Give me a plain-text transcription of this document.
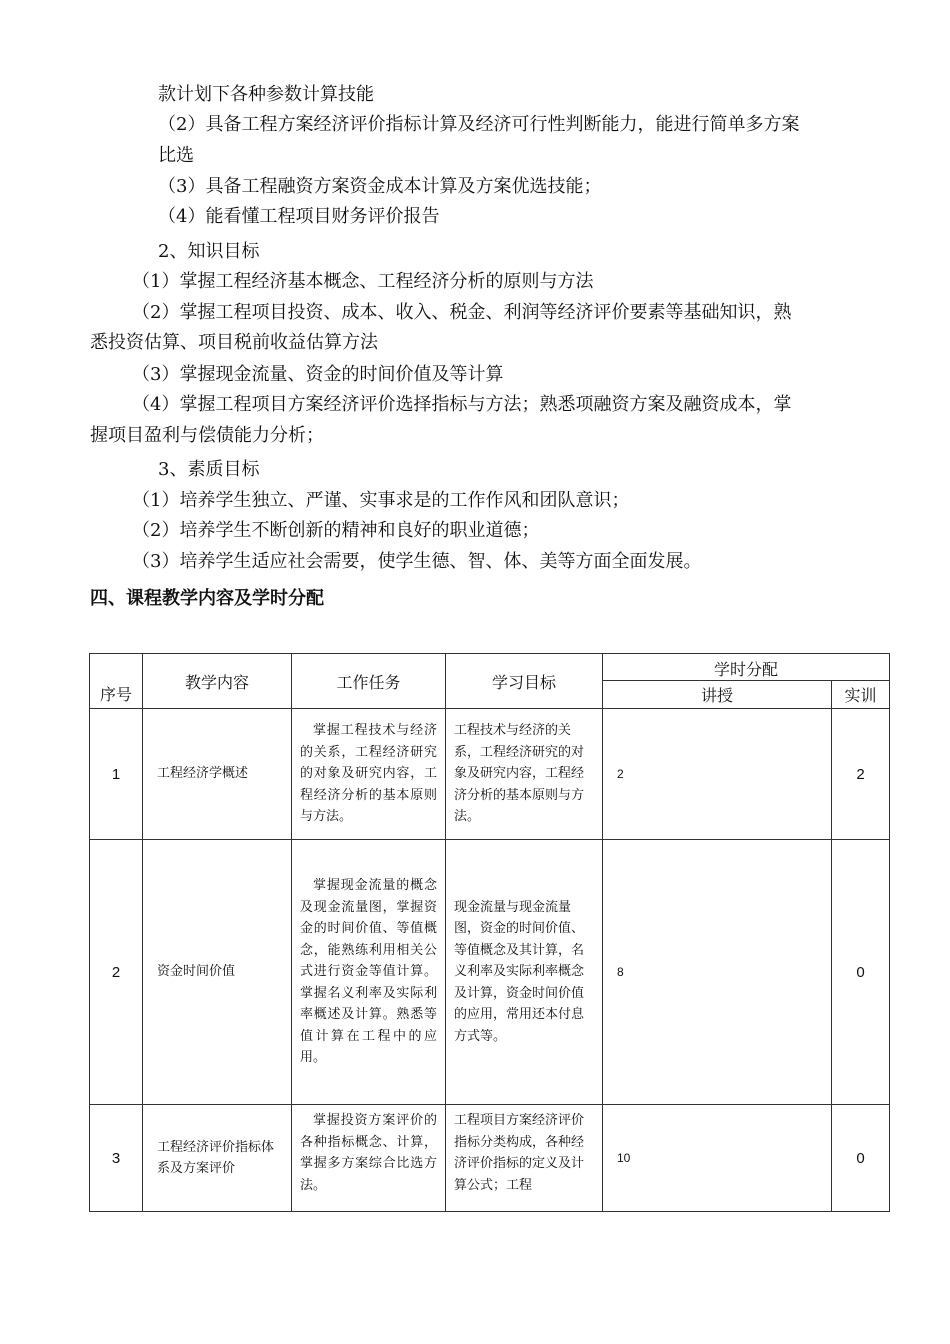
款计划下各种参数计算技能
（2）具备工程方案经济评价指标计算及经济可行性判断能力，能进行简单多方案
比选
（3）具备工程融资方案资金成本计算及方案优选技能；
（4）能看懂工程项目财务评价报告
2、知识目标
（1）掌握工程经济基本概念、工程经济分析的原则与方法
（2）掌握工程项目投资、成本、收入、税金、利润等经济评价要素等基础知识，熟
悉投资估算、项目税前收益估算方法
（3）掌握现金流量、资金的时间价值及等计算
（4）掌握工程项目方案经济评价选择指标与方法；熟悉项融资方案及融资成本，掌
握项目盈利与偿债能力分析；
3、素质目标
（1）培养学生独立、严谨、实事求是的工作作风和团队意识；
（2）培养学生不断创新的精神和良好的职业道德；
（3）培养学生适应社会需要，使学生德、智、体、美等方面全面发展。
四、课程教学内容及学时分配
序号	教学内容	工作任务	学习目标	学时分配	
				讲授	实训
1	工程经济学概述	掌握工程技术与经济的关系，工程经济研究的对象及研究内容，工程经济分析的基本原则与方法。	工程技术与经济的关系，工程经济研究的对象及研究内容，工程经济分析的基本原则与方法。	2	2
2	资金时间价值	掌握现金流量的概念及现金流量图，掌握资金的时间价值、等值概念，能熟练利用相关公式进行资金等值计算。掌握名义利率及实际利率概述及计算。熟悉等值计算在工程中的应用。	现金流量与现金流量图，资金的时间价值、等值概念及其计算，名义利率及实际利率概念及计算，资金时间价值的应用，常用还本付息方式等。	8	0
3	工程经济评价指标体系及方案评价	掌握投资方案评价的各种指标概念、计算，掌握多方案综合比选方法。	工程项目方案经济评价指标分类构成，各种经济评价指标的定义及计算公式；工程	10	0
